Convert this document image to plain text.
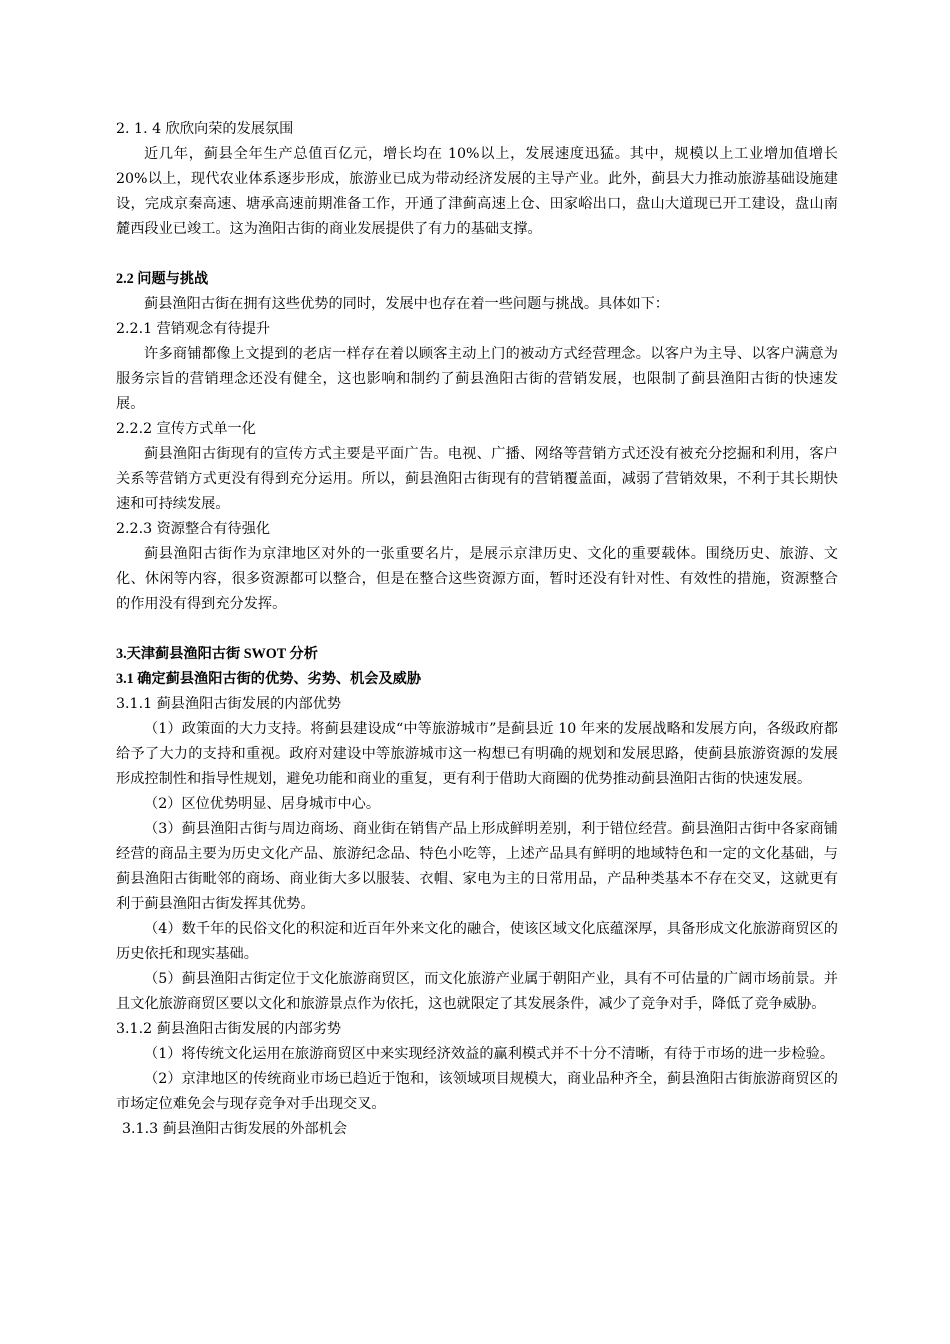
2. 1. 4 欣欣向荣的发展氛围

近几年，蓟县全年生产总值百亿元，增长均在 10%以上，发展速度迅猛。其中，规模以上工业增加值增长 20%以上，现代农业体系逐步形成，旅游业已成为带动经济发展的主导产业。此外，蓟县大力推动旅游基础设施建设，完成京秦高速、塘承高速前期准备工作，开通了津蓟高速上仓、田家峪出口，盘山大道现已开工建设，盘山南麓西段业已竣工。这为渔阳古街的商业发展提供了有力的基础支撑。

2.2 问题与挑战

蓟县渔阳古街在拥有这些优势的同时，发展中也存在着一些问题与挑战。具体如下：

2.2.1 营销观念有待提升

许多商铺都像上文提到的老店一样存在着以顾客主动上门的被动方式经营理念。以客户为主导、以客户满意为服务宗旨的营销理念还没有健全，这也影响和制约了蓟县渔阳古街的营销发展，也限制了蓟县渔阳古街的快速发展。

2.2.2 宣传方式单一化

蓟县渔阳古街现有的宣传方式主要是平面广告。电视、广播、网络等营销方式还没有被充分挖掘和利用，客户关系等营销方式更没有得到充分运用。所以，蓟县渔阳古街现有的营销覆盖面，减弱了营销效果，不利于其长期快速和可持续发展。

2.2.3 资源整合有待强化

蓟县渔阳古街作为京津地区对外的一张重要名片，是展示京津历史、文化的重要载体。围绕历史、旅游、文化、休闲等内容，很多资源都可以整合，但是在整合这些资源方面，暂时还没有针对性、有效性的措施，资源整合的作用没有得到充分发挥。

3.天津蓟县渔阳古街 SWOT 分析

3.1 确定蓟县渔阳古街的优势、劣势、机会及威胁

3.1.1 蓟县渔阳古街发展的内部优势

（1）政策面的大力支持。将蓟县建设成“中等旅游城市”是蓟县近 10 年来的发展战略和发展方向，各级政府都给予了大力的支持和重视。政府对建设中等旅游城市这一构想已有明确的规划和发展思路，使蓟县旅游资源的发展形成控制性和指导性规划，避免功能和商业的重复，更有利于借助大商圈的优势推动蓟县渔阳古街的快速发展。

（2）区位优势明显、居身城市中心。

（3）蓟县渔阳古街与周边商场、商业街在销售产品上形成鲜明差别，利于错位经营。蓟县渔阳古街中各家商铺经营的商品主要为历史文化产品、旅游纪念品、特色小吃等，上述产品具有鲜明的地域特色和一定的文化基础，与蓟县渔阳古街毗邻的商场、商业街大多以服装、衣帽、家电为主的日常用品，产品种类基本不存在交叉，这就更有利于蓟县渔阳古街发挥其优势。

（4）数千年的民俗文化的积淀和近百年外来文化的融合，使该区域文化底蕴深厚，具备形成文化旅游商贸区的历史依托和现实基础。

（5）蓟县渔阳古街定位于文化旅游商贸区，而文化旅游产业属于朝阳产业，具有不可估量的广阔市场前景。并且文化旅游商贸区要以文化和旅游景点作为依托，这也就限定了其发展条件，减少了竞争对手，降低了竞争威胁。

3.1.2 蓟县渔阳古街发展的内部劣势

（1）将传统文化运用在旅游商贸区中来实现经济效益的赢利模式并不十分不清晰，有待于市场的进一步检验。

（2）京津地区的传统商业市场已趋近于饱和，该领域项目规模大，商业品种齐全，蓟县渔阳古街旅游商贸区的市场定位难免会与现存竞争对手出现交叉。

3.1.3 蓟县渔阳古街发展的外部机会
